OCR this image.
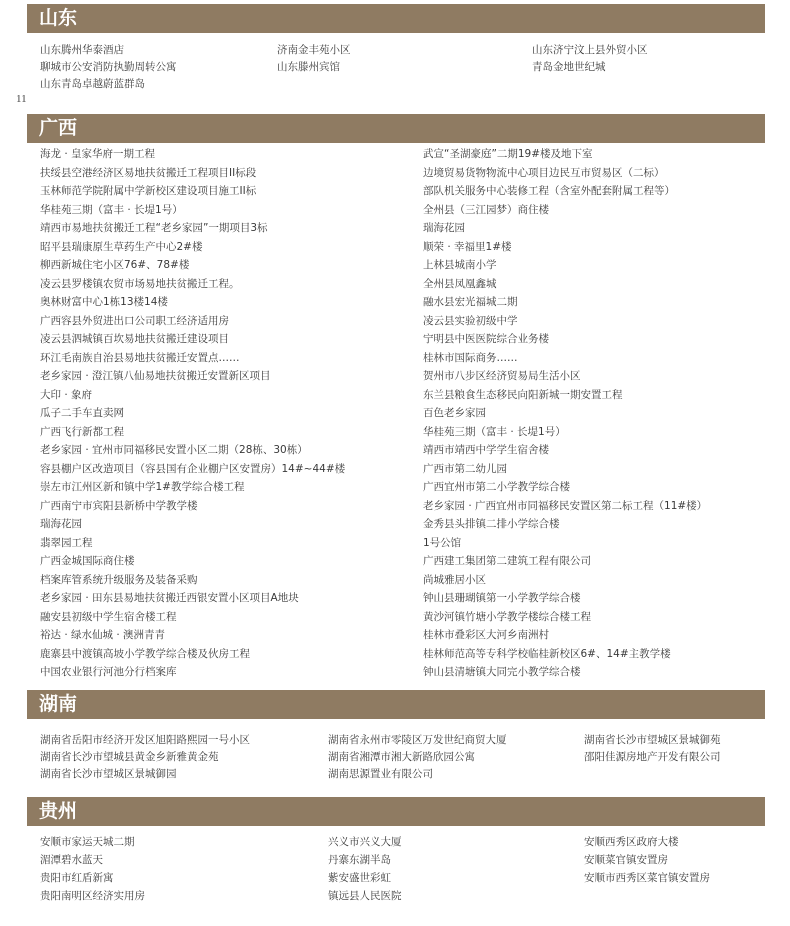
山东
11
广西
湖南
贵州
山东腾州华泰酒店
聊城市公安消防执勤周转公寓
山东青岛卓越蔚蓝群岛
济南金丰苑小区
山东滕州宾馆
山东济宁汶上县外贸小区
青岛金地世纪城
海龙 · 皇家华府一期工程
扶绥县空港经济区易地扶贫搬迁工程项目II标段
玉林师范学院附属中学新校区建设项目施工II标
华桂苑三期（富丰 · 长堤1号）
靖西市易地扶贫搬迁工程“老乡家园”一期项目3标
昭平县瑞康原生草药生产中心2#楼
柳西新城住宅小区76#、78#楼
凌云县罗楼镇农贸市场易地扶贫搬迁工程。
奥林财富中心1栋13楼14楼
广西容县外贸进出口公司职工经济适用房
凌云县泗城镇百坎易地扶贫搬迁建设项目
环江毛南族自治县易地扶贫搬迁安置点……
老乡家园 · 澄江镇八仙易地扶贫搬迁安置新区项目
大印 · 象府
瓜子二手车直卖网
广西飞行新都工程
老乡家园 · 宜州市同福移民安置小区二期（28栋、30栋）
容县棚户区改造项目（容县国有企业棚户区安置房）14#~44#楼
崇左市江州区新和镇中学1#教学综合楼工程
广西南宁市宾阳县新桥中学教学楼
瑞海花园
翡翠园工程
广西金城国际商住楼
档案库管系统升级服务及装备采购
老乡家园 · 田东县易地扶贫搬迁西银安置小区项目A地块
融安县初级中学生宿舍楼工程
裕达 · 绿水仙城 · 澳洲青青
鹿寨县中渡镇高坡小学教学综合楼及伙房工程
中国农业银行河池分行档案库
武宣“圣湖豪庭”二期19#楼及地下室
边境贸易货物物流中心项目边民互市贸易区（二标）
部队机关服务中心装修工程（含室外配套附属工程等）
全州县（三江园梦）商住楼
瑞海花园
顺荣 · 幸福里1#楼
上林县城南小学
全州县凤凰鑫城
融水县宏光福城二期
凌云县实验初级中学
宁明县中医医院综合业务楼
桂林市国际商务……
贺州市八步区经济贸易局生活小区
东兰县粮食生态移民向阳新城一期安置工程
百色老乡家园
华桂苑三期（富丰 · 长堤1号）
靖西市靖西中学学生宿舍楼
广西市第二幼儿园
广西宜州市第二小学教学综合楼
老乡家园 · 广西宜州市同福移民安置区第二标工程（11#楼）
金秀县头排镇二排小学综合楼
1号公馆
广西建工集团第二建筑工程有限公司
尚城雅居小区
钟山县珊瑚镇第一小学教学综合楼
黄沙河镇竹塘小学教学楼综合楼工程
桂林市叠彩区大河乡南洲村
桂林师范高等专科学校临桂新校区6#、14#主教学楼
钟山县清塘镇大同完小教学综合楼
湖南省岳阳市经济开发区旭阳路熙园一号小区
湖南省长沙市望城县黄金乡新雅黄金苑
湖南省长沙市望城区景城御园
湖南省永州市零陵区万发世纪商贸大厦
湖南省湘潭市湘大新路欣园公寓
湖南思源置业有限公司
湖南省长沙市望城区景城御苑
邵阳佳源房地产开发有限公司
安顺市家运天城二期
湄潭碧水蓝天
贵阳市红盾新寓
贵阳南明区经济实用房
兴义市兴义大厦
丹寨东湖半岛
紫安盛世彩虹
镇远县人民医院
安顺西秀区政府大楼
安顺菜官镇安置房
安顺市西秀区菜官镇安置房
